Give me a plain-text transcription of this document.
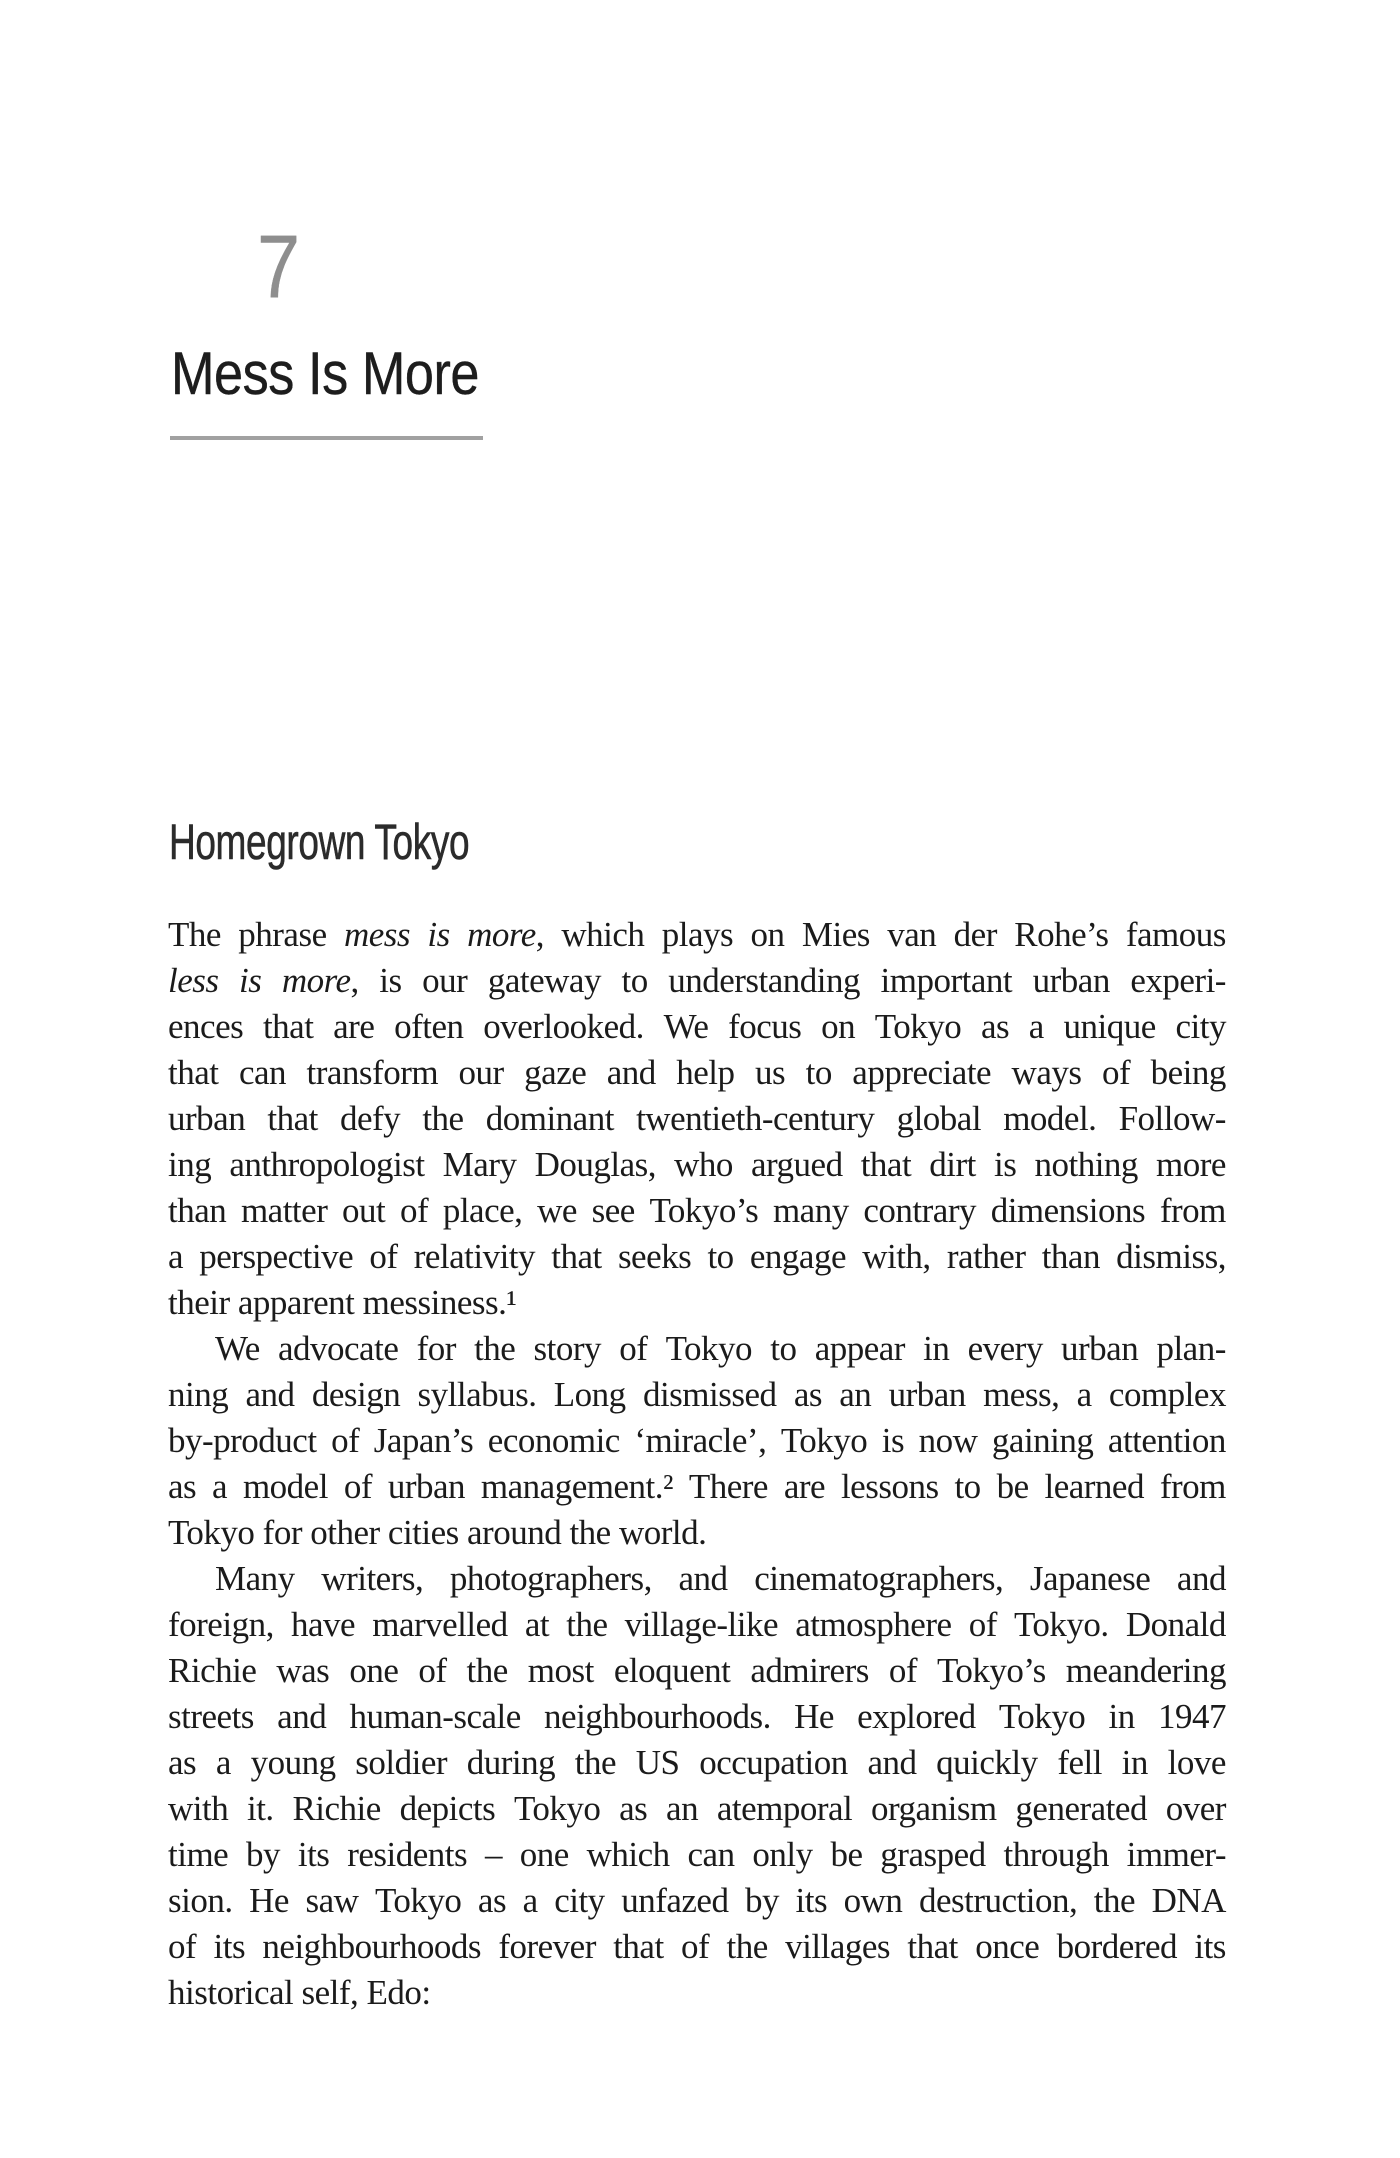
7
Mess Is More
Homegrown Tokyo
The phrase mess is more, which plays on Mies van der Rohe’s famous
less is more, is our gateway to understanding important urban experi-
ences that are often overlooked. We focus on Tokyo as a unique city
that can transform our gaze and help us to appreciate ways of being
urban that defy the dominant twentieth-century global model. Follow-
ing anthropologist Mary Douglas, who argued that dirt is nothing more
than matter out of place, we see Tokyo’s many contrary dimensions from
a perspective of relativity that seeks to engage with, rather than dismiss,
their apparent messiness.¹
We advocate for the story of Tokyo to appear in every urban plan-
ning and design syllabus. Long dismissed as an urban mess, a complex
by-product of Japan’s economic ‘miracle’, Tokyo is now gaining attention
as a model of urban management.² There are lessons to be learned from
Tokyo for other cities around the world.
Many writers, photographers, and cinematographers, Japanese and
foreign, have marvelled at the village-like atmosphere of Tokyo. Donald
Richie was one of the most eloquent admirers of Tokyo’s meandering
streets and human-scale neighbourhoods. He explored Tokyo in 1947
as a young soldier during the US occupation and quickly fell in love
with it. Richie depicts Tokyo as an atemporal organism generated over
time by its residents – one which can only be grasped through immer-
sion. He saw Tokyo as a city unfazed by its own destruction, the DNA
of its neighbourhoods forever that of the villages that once bordered its
historical self, Edo:
